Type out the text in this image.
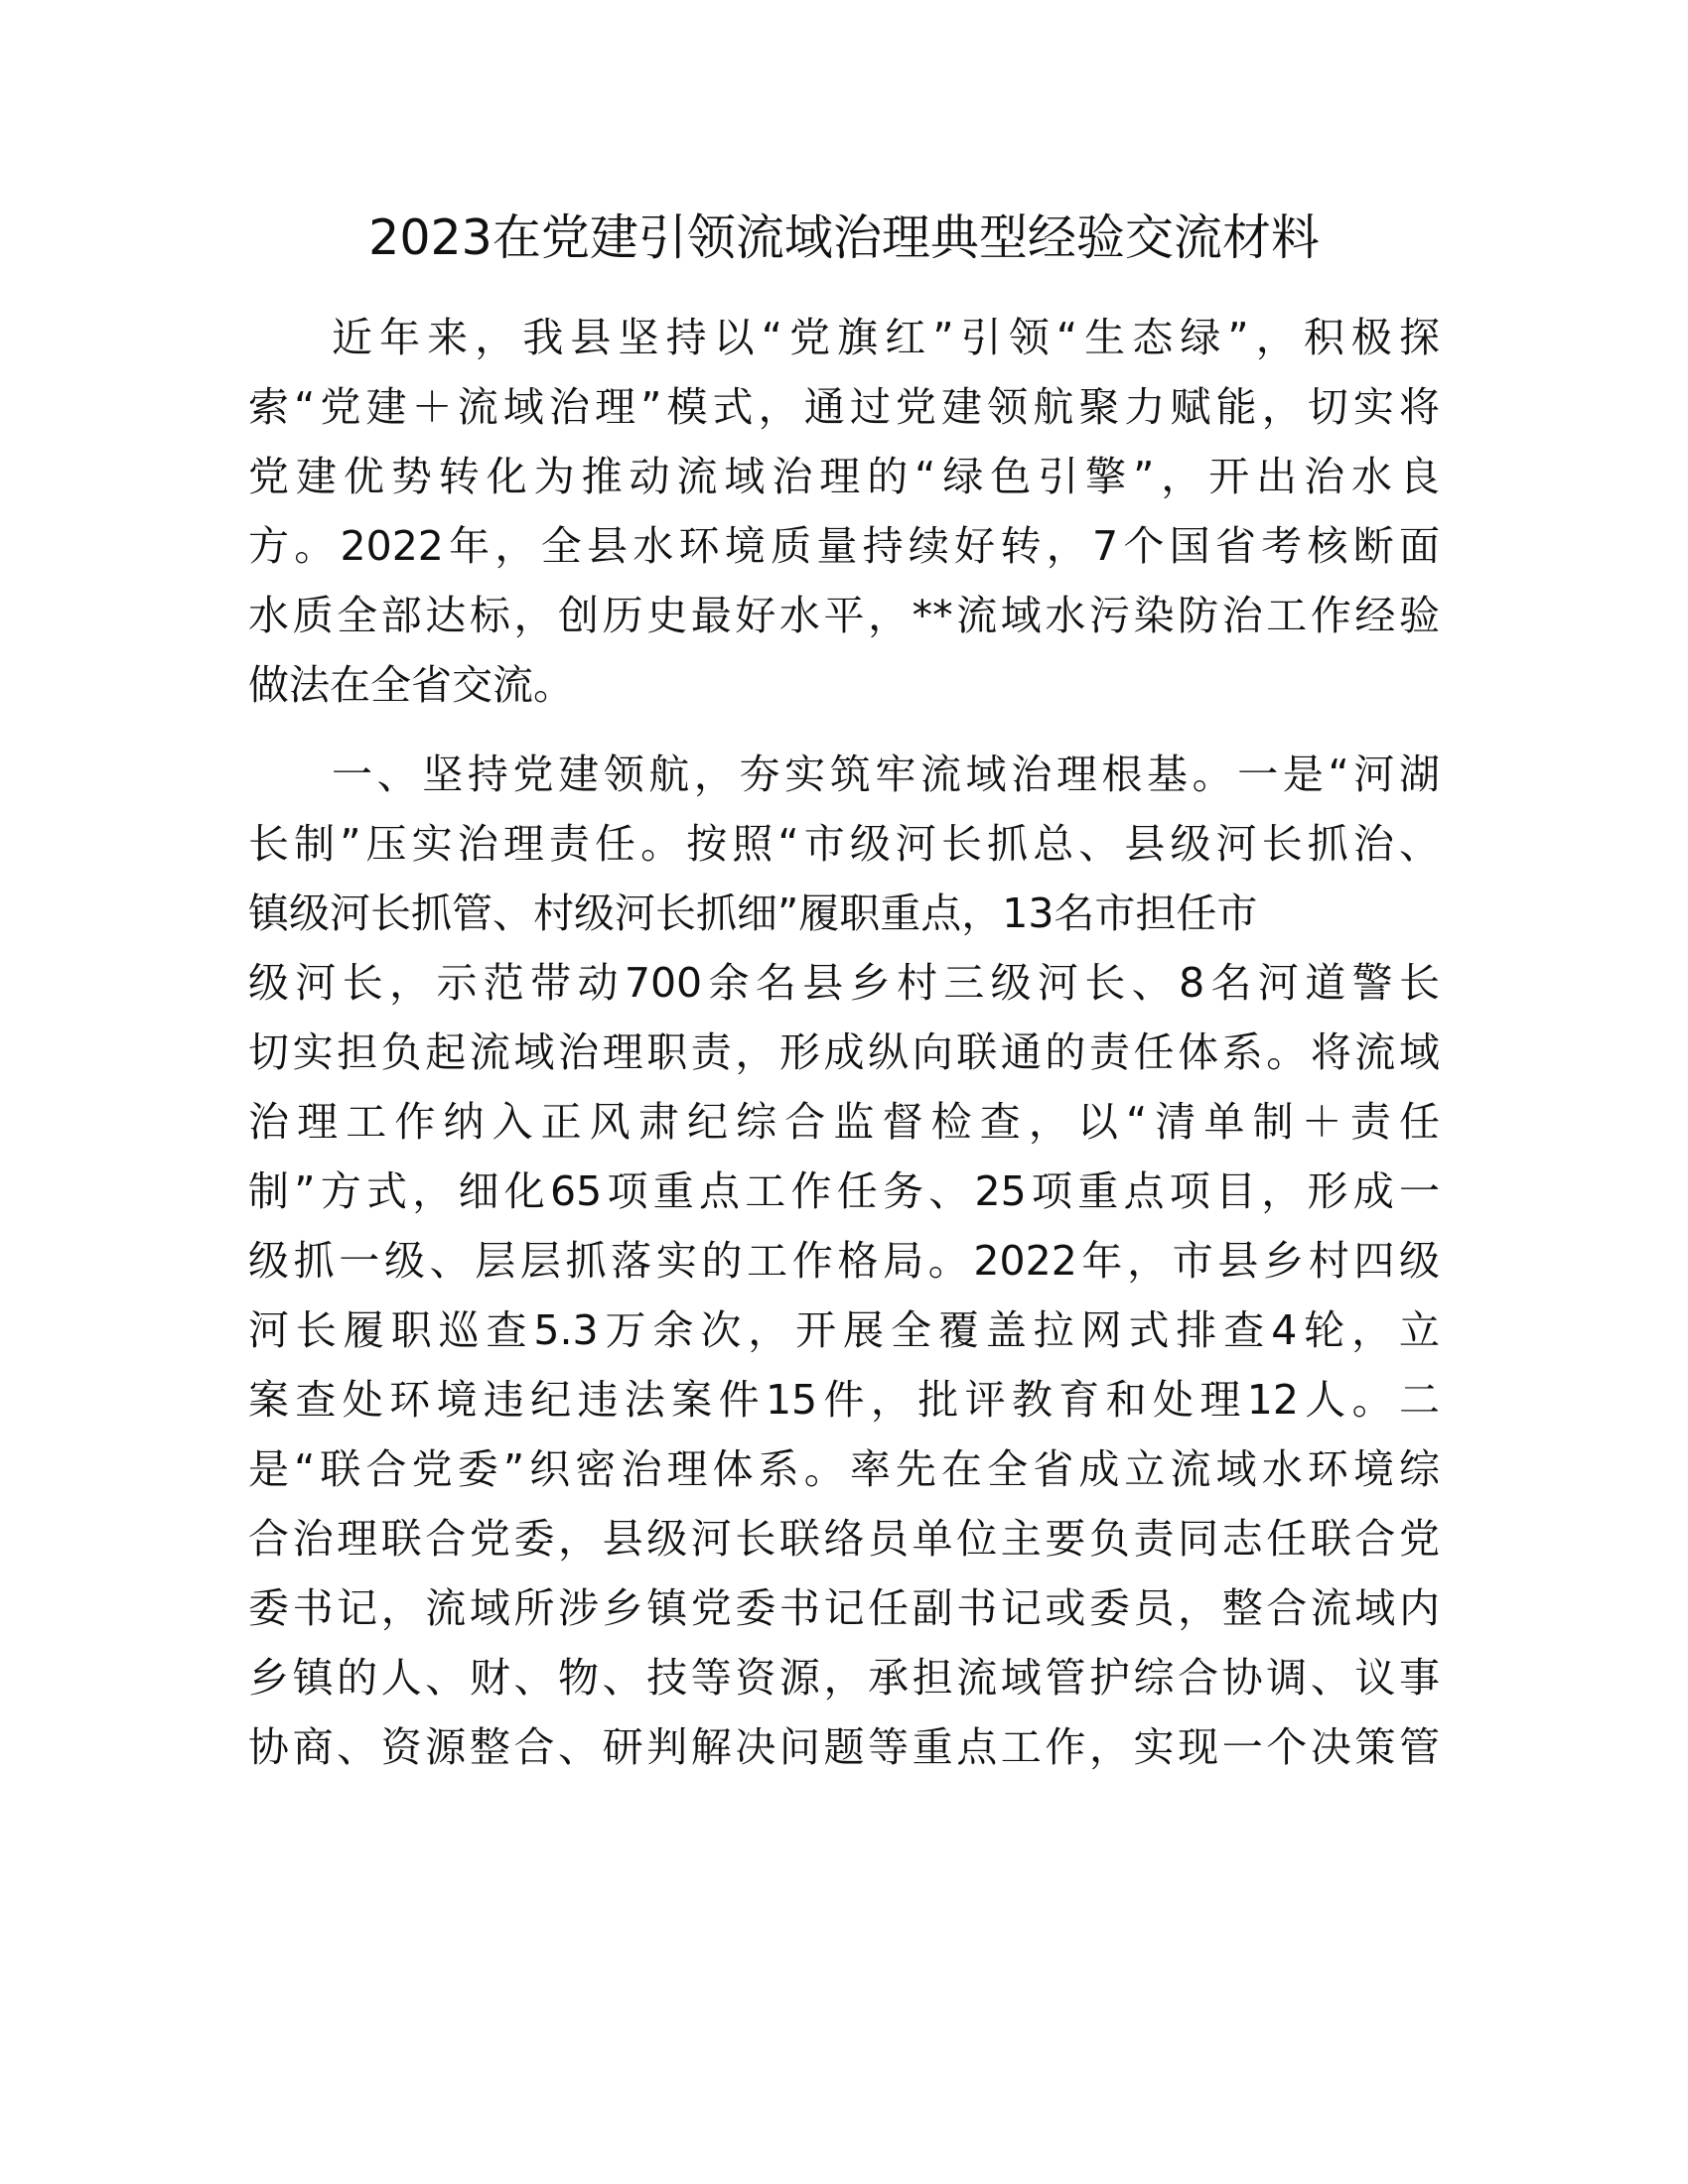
2023在党建引领流域治理典型经验交流材料
近年来，我县坚持以“党旗红”引领“生态绿”，积极探
索“党建＋流域治理”模式，通过党建领航聚力赋能，切实将
党建优势转化为推动流域治理的“绿色引擎”，开出治水良
方。2022年，全县水环境质量持续好转，7个国省考核断面
水质全部达标，创历史最好水平，**流域水污染防治工作经验
做法在全省交流。
一、坚持党建领航，夯实筑牢流域治理根基。一是“河湖
长制”压实治理责任。按照“市级河长抓总、县级河长抓治、
镇级河长抓管、村级河长抓细”履职重点，13名市担任市
级河长，示范带动700余名县乡村三级河长、8名河道警长
切实担负起流域治理职责，形成纵向联通的责任体系。将流域
治理工作纳入正风肃纪综合监督检查，以“清单制＋责任
制”方式，细化65项重点工作任务、25项重点项目，形成一
级抓一级、层层抓落实的工作格局。2022年，市县乡村四级
河长履职巡查5.3万余次，开展全覆盖拉网式排查4轮，立
案查处环境违纪违法案件15件，批评教育和处理12人。二
是“联合党委”织密治理体系。率先在全省成立流域水环境综
合治理联合党委，县级河长联络员单位主要负责同志任联合党
委书记，流域所涉乡镇党委书记任副书记或委员，整合流域内
乡镇的人、财、物、技等资源，承担流域管护综合协调、议事
协商、资源整合、研判解决问题等重点工作，实现一个决策管
